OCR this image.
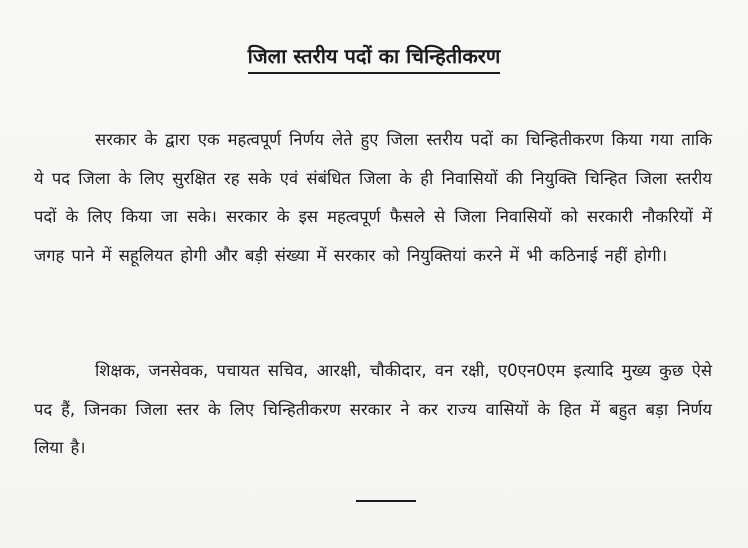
जिला स्तरीय पदों का चिन्हितीकरण
सरकार के द्वारा एक महत्वपूर्ण निर्णय लेते हुए जिला स्तरीय पदों का चिन्हितीकरण किया गया ताकि ये पद जिला के लिए सुरक्षित रह सके एवं संबंधित जिला के ही निवासियों की नियुक्ति चिन्हित जिला स्तरीय पदों के लिए किया जा सके। सरकार के इस महत्वपूर्ण फैसले से जिला निवासियों को सरकारी नौकरियों में जगह पाने में सहूलियत होगी और बड़ी संख्या में सरकार को नियुक्तियां करने में भी कठिनाई नहीं होगी।
शिक्षक, जनसेवक, पचायत सचिव, आरक्षी, चौकीदार, वन रक्षी, ए0एन0एम इत्यादि मुख्य कुछ ऐसे पद हैं, जिनका जिला स्तर के लिए चिन्हितीकरण सरकार ने कर राज्य वासियों के हित में बहुत बड़ा निर्णय लिया है।
